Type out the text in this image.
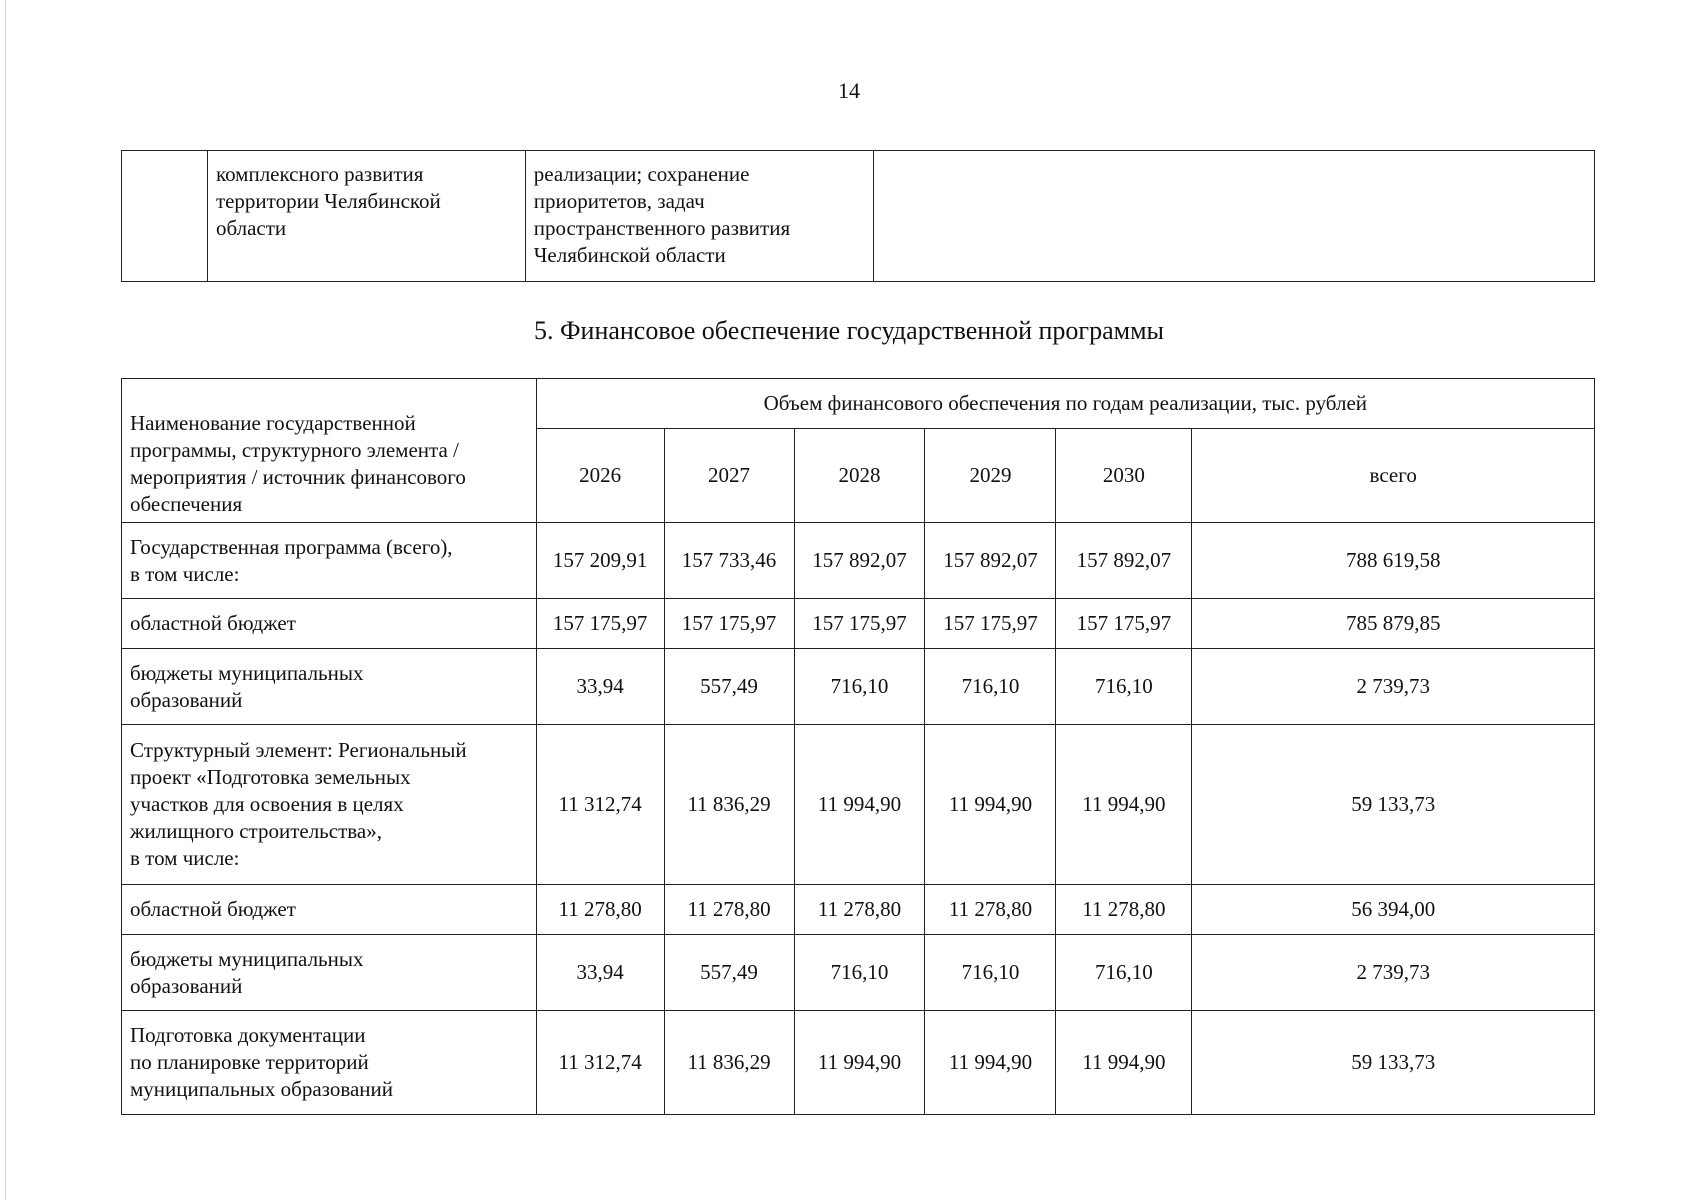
14
	комплексного развития
территории Челябинской
области	реализации; сохранение
приоритетов, задач
пространственного развития
Челябинской области	
5. Финансовое обеспечение государственной программы
Наименование государственной
программы, структурного элемента /
мероприятия / источник финансового
обеспечения	Объем финансового обеспечения по годам реализации, тыс. рублей					
	2026	2027	2028	2029	2030	всего
Государственная программа (всего),
в том числе:	157 209,91	157 733,46	157 892,07	157 892,07	157 892,07	788 619,58
областной бюджет	157 175,97	157 175,97	157 175,97	157 175,97	157 175,97	785 879,85
бюджеты муниципальных
образований	33,94	557,49	716,10	716,10	716,10	2 739,73
Структурный элемент: Региональный
проект «Подготовка земельных
участков для освоения в целях
жилищного строительства»,
в том числе:	11 312,74	11 836,29	11 994,90	11 994,90	11 994,90	59 133,73
областной бюджет	11 278,80	11 278,80	11 278,80	11 278,80	11 278,80	56 394,00
бюджеты муниципальных
образований	33,94	557,49	716,10	716,10	716,10	2 739,73
Подготовка документации
по планировке территорий
муниципальных образований	11 312,74	11 836,29	11 994,90	11 994,90	11 994,90	59 133,73
